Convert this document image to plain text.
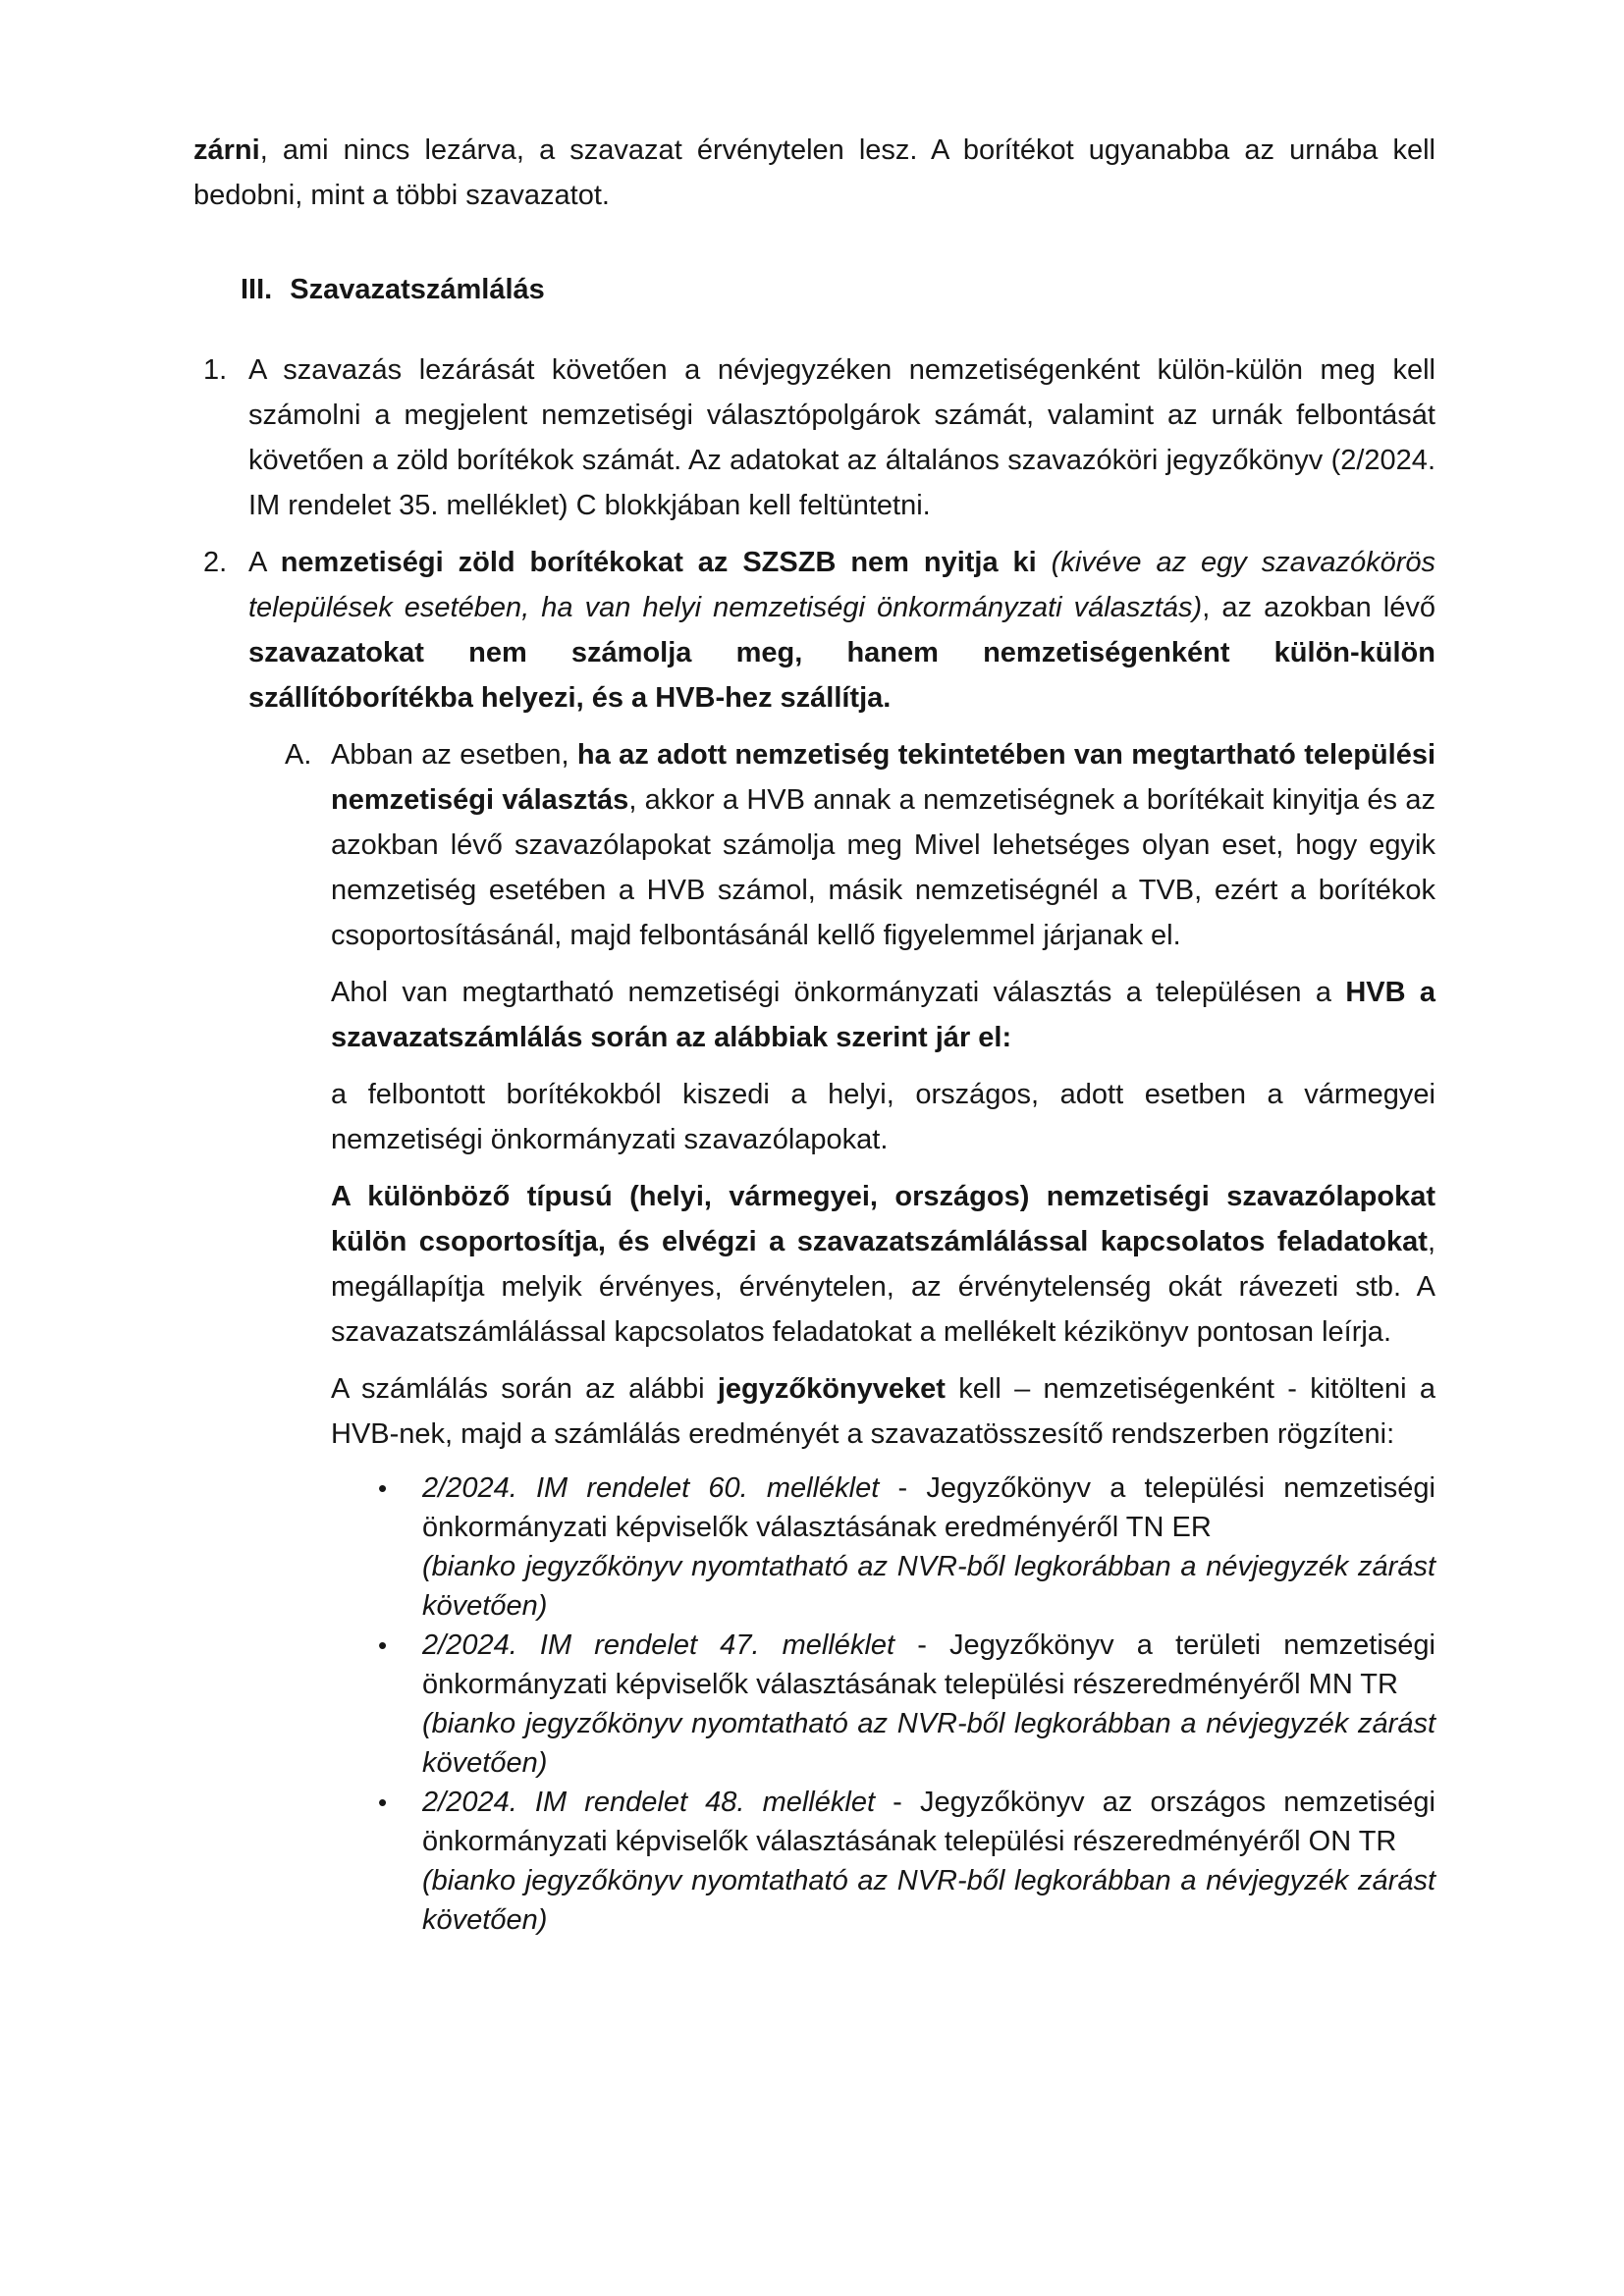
zárni, ami nincs lezárva, a szavazat érvénytelen lesz. A borítékot ugyanabba az urnába kell bedobni, mint a többi szavazatot.

III. Szavazatszámlálás
1. A szavazás lezárását követően a névjegyzéken nemzetiségenként külön-külön meg kell számolni a megjelent nemzetiségi választópolgárok számát, valamint az urnák felbontását követően a zöld borítékok számát. Az adatokat az általános szavazóköri jegyzőkönyv (2/2024. IM rendelet 35. melléklet) C blokkjában kell feltüntetni.

2. A nemzetiségi zöld borítékokat az SZSZB nem nyitja ki (kivéve az egy szavazókörös települések esetében, ha van helyi nemzetiségi önkormányzati választás), az azokban lévő szavazatokat nem számolja meg, hanem nemzetiségenként külön-külön szállítóborítékba helyezi, és a HVB-hez szállítja.

A. Abban az esetben, ha az adott nemzetiség tekintetében van megtartható települési nemzetiségi választás, akkor a HVB annak a nemzetiségnek a borítékait kinyitja és az azokban lévő szavazólapokat számolja meg Mivel lehetséges olyan eset, hogy egyik nemzetiség esetében a HVB számol, másik nemzetiségnél a TVB, ezért a borítékok csoportosításánál, majd felbontásánál kellő figyelemmel járjanak el.

Ahol van megtartható nemzetiségi önkormányzati választás a településen a HVB a szavazatszámlálás során az alábbiak szerint jár el:

a felbontott borítékokból kiszedi a helyi, országos, adott esetben a vármegyei nemzetiségi önkormányzati szavazólapokat.

A különböző típusú (helyi, vármegyei, országos) nemzetiségi szavazólapokat külön csoportosítja, és elvégzi a szavazatszámlálással kapcsolatos feladatokat, megállapítja melyik érvényes, érvénytelen, az érvénytelenség okát rávezeti stb. A szavazatszámlálással kapcsolatos feladatokat a mellékelt kézikönyv pontosan leírja.

A számlálás során az alábbi jegyzőkönyveket kell – nemzetiségenként - kitölteni a HVB-nek, majd a számlálás eredményét a szavazatösszesítő rendszerben rögzíteni:

•	2/2024. IM rendelet 60. melléklet - Jegyzőkönyv a települési nemzetiségi önkormányzati képviselők választásának eredményéről TN ER
(bianko jegyzőkönyv nyomtatható az NVR-ből legkorábban a névjegyzék zárást követően)

•	2/2024. IM rendelet 47. melléklet - Jegyzőkönyv a területi nemzetiségi önkormányzati képviselők választásának települési részeredményéről MN TR
(bianko jegyzőkönyv nyomtatható az NVR-ből legkorábban a névjegyzék zárást követően)

•	2/2024. IM rendelet 48. melléklet - Jegyzőkönyv az országos nemzetiségi önkormányzati képviselők választásának települési részeredményéről ON TR
(bianko jegyzőkönyv nyomtatható az NVR-ből legkorábban a névjegyzék zárást követően)
